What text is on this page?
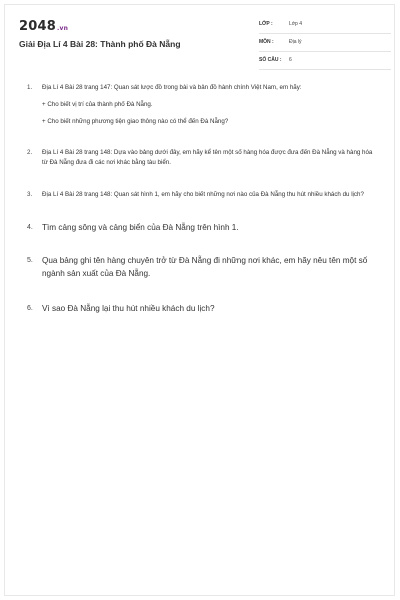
2048.vn
Giải Địa Lí 4 Bài 28: Thành phố Đà Nẵng
LỚP :	Lớp 4
MÔN :	Địa lý
SỐ CÂU : 6
1. Địa Lí 4 Bài 28 trang 147: Quan sát lược đồ trong bài và bản đồ hành chính Việt Nam, em hãy:
+ Cho biết vị trí của thành phố Đà Nẵng.
+ Cho biết những phương tiện giao thông nào có thể đến Đà Nẵng?
2. Địa Lí 4 Bài 28 trang 148: Dựa vào bảng dưới đây, em hãy kể tên một số hàng hóa được đưa đến Đà Nẵng và hàng hóa từ Đà Nẵng đưa đi các nơi khác bằng tàu biển.
3. Địa Lí 4 Bài 28 trang 148: Quan sát hình 1, em hãy cho biết những nơi nào của Đà Nẵng thu hút nhiều khách du lịch?
4. Tìm cảng sông và cảng biển của Đà Nẵng trên hình 1.
5. Qua bảng ghi tên hàng chuyên trở từ Đà Nẵng đi những nơi khác, em hãy nêu tên một số ngành sản xuất của Đà Nẵng.
6. Vì sao Đà Nẵng lại thu hút nhiều khách du lịch?
